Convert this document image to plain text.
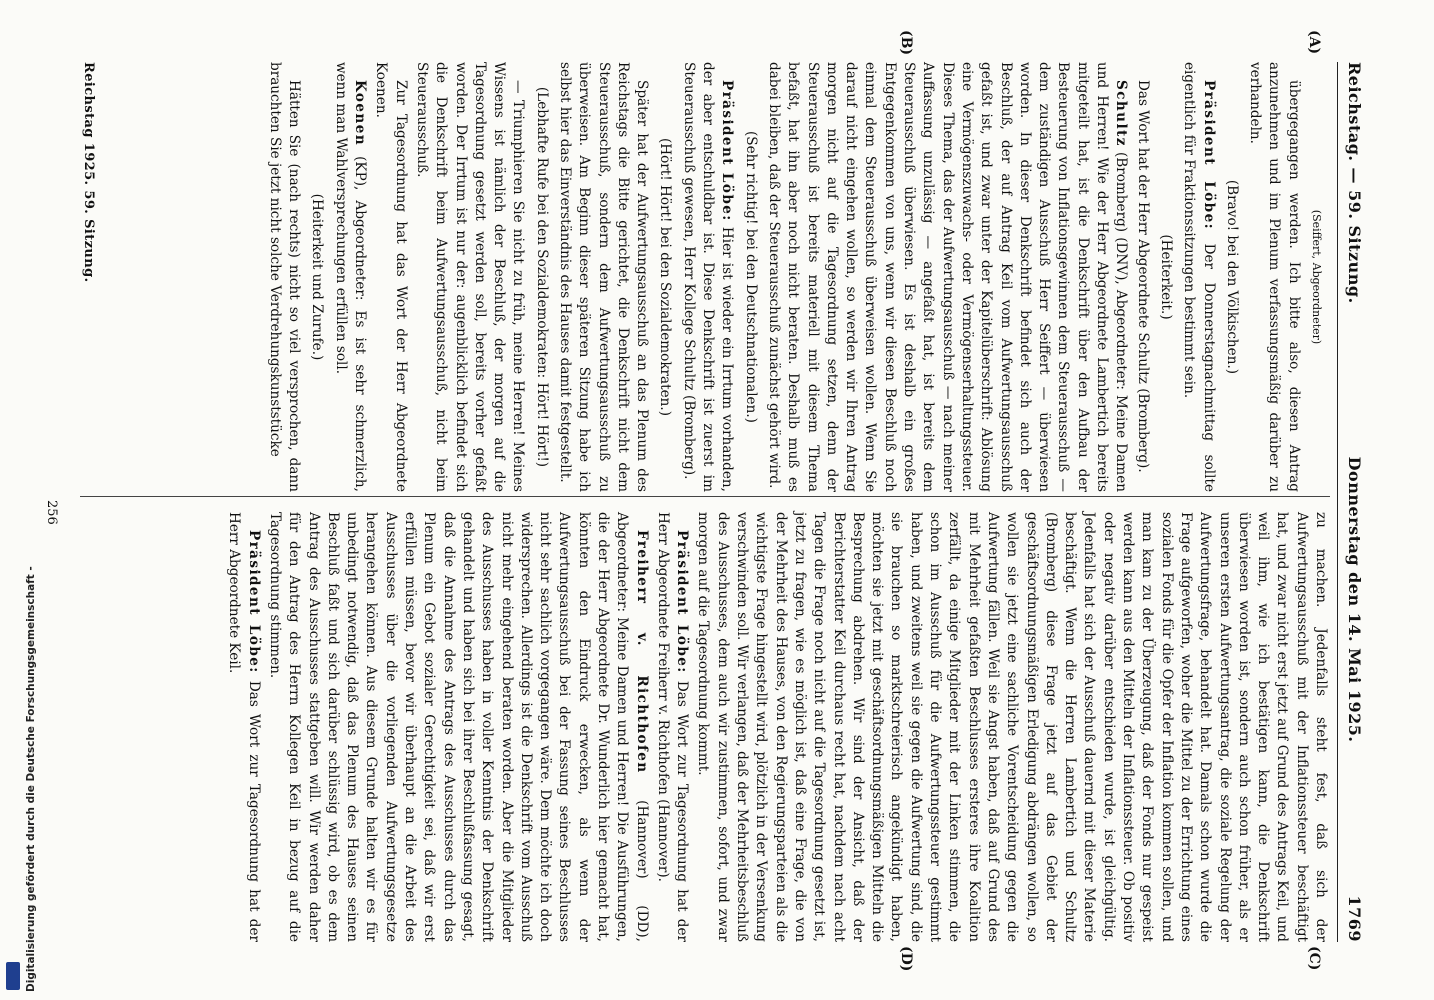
Reichstag. — 59. Sitzung.
Donnerstag den 14. Mai 1925.
1769
(A)
(B)
(C)
(D)

(Seiffert, Abgeordneter)

übergegangen werden. Ich bitte also, diesen Antrag anzunehmen und im Plenum verfassungsmäßig darüber zu verhandeln.

(Bravo! bei den Völkischen.)

Präsident Löbe: Der Donnerstagnachmittag sollte eigentlich für Fraktionssitzungen bestimmt sein.

(Heiterkeit.)

Das Wort hat der Herr Abgeordnete Schultz (Bromberg).

Schultz (Bromberg) (DNV), Abgeordneter: Meine Damen und Herren! Wie der Herr Abgeordnete Lambertich bereits mitgeteilt hat, ist die Denkschrift über den Aufbau der Besteuerung von Inflationsgewinnen dem Steuerausschuß — dem zuständigen Ausschuß Herr Seiffert — überwiesen worden. In dieser Denkschrift befindet sich auch der Beschluß, der auf Antrag Keil vom Aufwertungsausschuß gefaßt ist, und zwar unter der Kapitelüberschrift: Ablösung eine Vermögenszuwachs- oder Vermögenserhaltungssteuer. Dieses Thema, das der Aufwertungsausschuß — nach meiner Auffassung unzulässig — angefaßt hat, ist bereits dem Steuerausschuß überwiesen. Es ist deshalb ein großes Entgegenkommen von uns, wenn wir diesen Beschluß noch einmal dem Steuerausschuß überweisen wollen. Wenn Sie darauf nicht eingehen wollen, so werden wir Ihren Antrag morgen nicht auf die Tagesordnung setzen, denn der Steuerausschuß ist bereits materiell mit diesem Thema befaßt, hat ihn aber noch nicht beraten. Deshalb muß es dabei bleiben, daß der Steuerausschuß zunächst gehört wird.

(Sehr richtig! bei den Deutschnationalen.)

Präsident Löbe: Hier ist wieder ein Irrtum vorhanden, der aber entschuldbar ist. Diese Denkschrift ist zuerst im Steuerausschuß gewesen, Herr Kollege Schultz (Bromberg).

(Hört! Hört! bei den Sozialdemokraten.)

Später hat der Aufwertungsausschuß an das Plenum des Reichstags die Bitte gerichtet, die Denkschrift nicht dem Steuerausschuß, sondern dem Aufwertungsausschuß zu überweisen. Am Beginn dieser späteren Sitzung habe ich selbst hier das Einverständnis des Hauses damit festgestellt.

(Lebhafte Rufe bei den Sozialdemokraten: Hört! Hört!)

— Triumphieren Sie nicht zu früh, meine Herren! Meines Wissens ist nämlich der Beschluß, der morgen auf die Tagesordnung gesetzt werden soll, bereits vorher gefaßt worden. Der Irrtum ist nur der: augenblicklich befindet sich die Denkschrift beim Aufwertungsausschuß, nicht beim Steuerausschuß.

Zur Tagesordnung hat das Wort der Herr Abgeordnete Koenen.

Koenen (KP), Abgeordneter: Es ist sehr schmerzlich, wenn man Wahlversprechungen erfüllen soll.

(Heiterkeit und Zurufe.)

Hätten Sie (nach rechts) nicht so viel versprochen, dann brauchten Sie jetzt nicht solche Verdrehungskunststücke

zu machen. Jedenfalls steht fest, daß sich der Aufwertungsausschuß mit der Inflationssteuer beschäftigt hat, und zwar nicht erst jetzt auf Grund des Antrags Keil, und weil ihm, wie ich bestätigen kann, die Denkschrift überwiesen worden ist, sondern auch schon früher, als er unseren ersten Aufwertungsantrag, die soziale Regelung der Aufwertungsfrage, behandelt hat. Damals schon wurde die Frage aufgeworfen, woher die Mittel zu der Errichtung eines sozialen Fonds für die Opfer der Inflation kommen sollen, und man kam zu der Überzeugung, daß der Fonds nur gespeist werden kann aus den Mitteln der Inflationssteuer. Ob positiv oder negativ darüber entschieden wurde, ist gleichgültig. Jedenfalls hat sich der Ausschuß dauernd mit dieser Materie beschäftigt. Wenn die Herren Lambertich und Schultz (Bromberg) diese Frage jetzt auf das Gebiet der geschäftsordnungsmäßigen Erledigung abdrängen wollen, so wollen sie jetzt eine sachliche Vorentscheidung gegen die Aufwertung fällen. Weil sie Angst haben, daß auf Grund des mit Mehrheit gefaßten Beschlusses ersteres ihre Koalition zerfällt, da einige Mitglieder mit der Linken stimmen, die schon im Ausschuß für die Aufwertungssteuer gestimmt haben, und zweitens weil sie gegen die Aufwertung sind, die sie brauchen so marktschreierisch angekündigt haben, möchten sie jetzt mit geschäftsordnungsmäßigen Mitteln die Besprechung abdrehen. Wir sind der Ansicht, daß der Berichterstatter Keil durchaus recht hat, nachdem nach acht Tagen die Frage noch nicht auf die Tagesordnung gesetzt ist, jetzt zu fragen, wie es möglich ist, daß eine Frage, die von der Mehrheit des Hauses, von den Regierungsparteien als die wichtigste Frage hingestellt wird, plötzlich in der Versenkung verschwinden soll. Wir verlangen, daß der Mehrheitsbeschluß des Ausschusses, dem auch wir zustimmen, sofort, und zwar morgen auf die Tagesordnung kommt.

Präsident Löbe: Das Wort zur Tagesordnung hat der Herr Abgeordnete Freiherr v. Richthofen (Hannover).

Freiherr v. Richthofen (Hannover) (DD), Abgeordneter: Meine Damen und Herren! Die Ausführungen, die der Herr Abgeordnete Dr. Wunderlich hier gemacht hat, könnten den Eindruck erwecken, als wenn der Aufwertungsausschuß bei der Fassung seines Beschlusses nicht sehr sachlich vorgegangen wäre. Dem möchte ich doch widersprechen. Allerdings ist die Denkschrift vom Ausschuß nicht mehr eingehend beraten worden. Aber die Mitglieder des Ausschusses haben in voller Kenntnis der Denkschrift gehandelt und haben sich bei ihrer Beschlußfassung gesagt, daß die Annahme des Antrags des Ausschusses durch das Plenum ein Gebot sozialer Gerechtigkeit sei, daß wir erst erfüllen müssen, bevor wir überhaupt an die Arbeit des Ausschusses über die vorliegenden Aufwertungsgesetze herangehen können. Aus diesem Grunde halten wir es für unbedingt notwendig, daß das Plenum des Hauses seinen Beschluß faßt und sich darüber schlüssig wird, ob es dem Antrag des Ausschusses stattgeben will. Wir werden daher für den Antrag des Herrn Kollegen Keil in bezug auf die Tagesordnung stimmen.

Präsident Löbe: Das Wort zur Tagesordnung hat der Herr Abgeordnete Keil.

Reichstag 1925. 59. Sitzung.
256
Digitalisierung gefördert durch die Deutsche Forschungsgemeinschaft -
